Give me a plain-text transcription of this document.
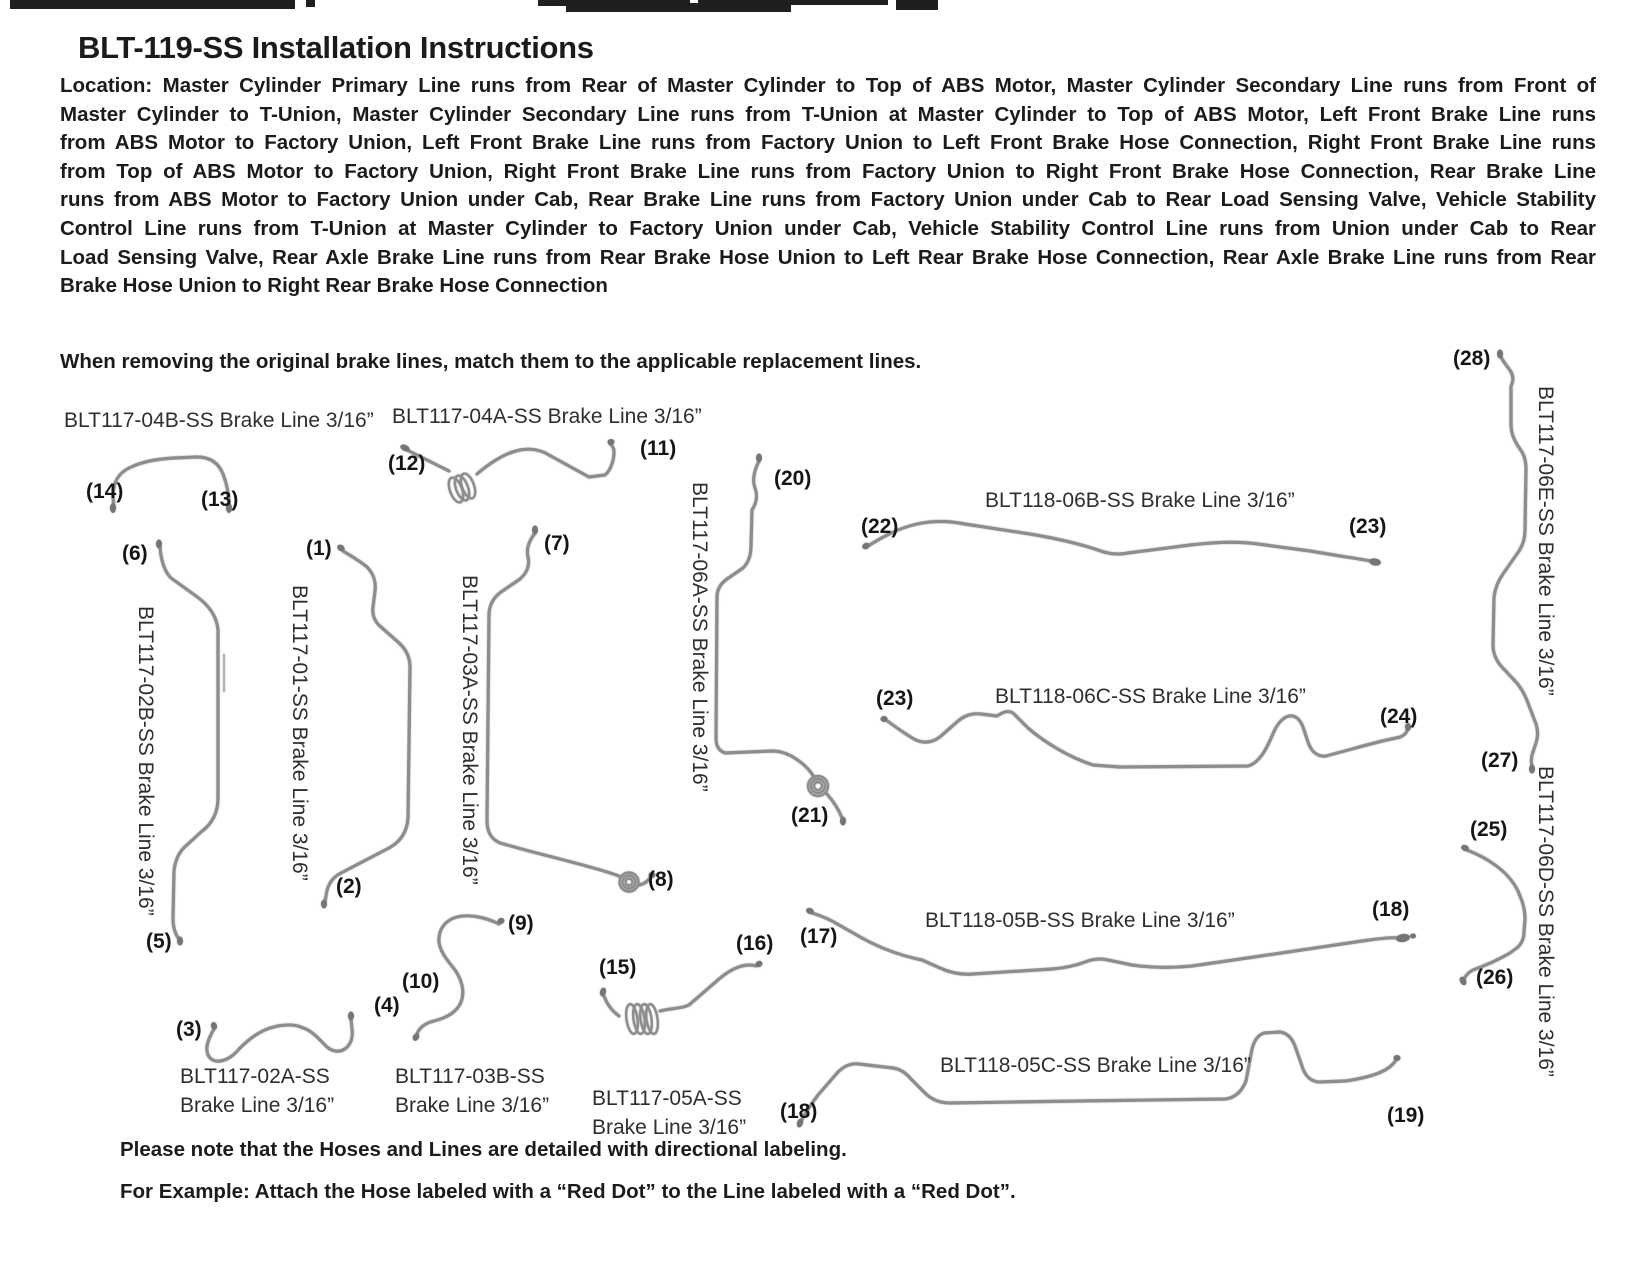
BLT-119-SS Installation Instructions
Location: Master Cylinder Primary Line runs from Rear of Master Cylinder to Top of ABS Motor, Master Cylinder Secondary Line runs from Front of
Master Cylinder to T-Union, Master Cylinder Secondary Line runs from T-Union at Master Cylinder to Top of ABS Motor, Left Front Brake Line runs
from ABS Motor to Factory Union, Left Front Brake Line runs from Factory Union to Left Front Brake Hose Connection, Right Front Brake Line runs
from Top of ABS Motor to Factory Union, Right Front Brake Line runs from Factory Union to Right Front Brake Hose Connection, Rear Brake Line
runs from ABS Motor to Factory Union under Cab, Rear Brake Line runs from Factory Union under Cab to Rear Load Sensing Valve, Vehicle Stability
Control Line runs from T-Union at Master Cylinder to Factory Union under Cab, Vehicle Stability Control Line runs from Union under Cab to Rear
Load Sensing Valve, Rear Axle Brake Line runs from Rear Brake Hose Union to Left Rear Brake Hose Connection, Rear Axle Brake Line runs from Rear
Brake Hose Union to Right Rear Brake Hose Connection
When removing the original brake lines, match them to the applicable replacement lines.
BLT117-04B-SS Brake Line 3/16” BLT117-04A-SS Brake Line 3/16”
BLT117-02B-SS Brake Line 3/16”	BLT117-01-SS Brake Line 3/16”	BLT117-03A-SS Brake Line 3/16”	BLT117-06A-SS Brake Line 3/16”	BLT118-06B-SS Brake Line 3/16”
BLT118-06C-SS Brake Line 3/16”
BLT117-06E-SS Brake Line 3/16”
BLT117-06D-SS Brake Line 3/16”
BLT118-05B-SS Brake Line 3/16”
BLT118-05C-SS Brake Line 3/16”
BLT117-02A-SS
Brake Line 3/16”
BLT117-03B-SS
Brake Line 3/16” BLT117-05A-SS
Brake Line 3/16”
(1)
(2)
(3)
(4)
(5)
(6)	(7)
(8)
(9)
(10)
(11)
(12)
(13)
(14)
(15)
(16) (17)
(18)
(18)	(19)
(20)
(21)
(22)	(23)
(23)
(24)
(25)
(26)
(27)
(28)
Please note that the Hoses and Lines are detailed with directional labeling.
For Example: Attach the Hose labeled with a “Red Dot” to the Line labeled with a “Red Dot”.
